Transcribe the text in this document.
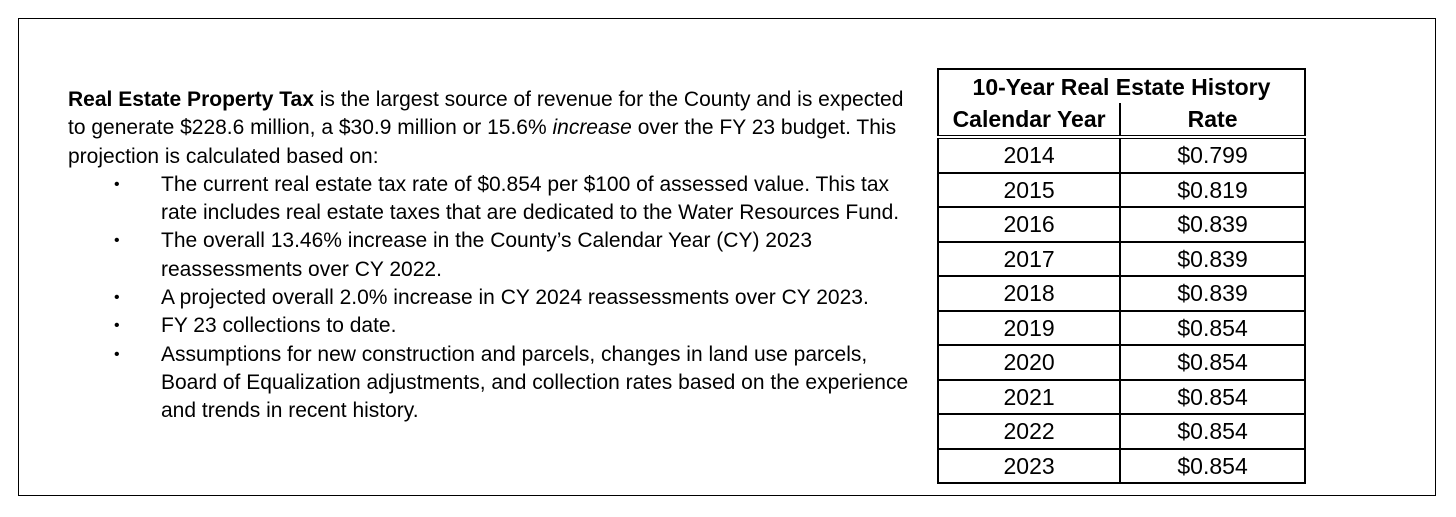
Real Estate Property Tax is the largest source of revenue for the County and is expected to generate $228.6 million, a $30.9 million or 15.6% increase over the FY 23 budget. This projection is calculated based on:

• The current real estate tax rate of $0.854 per $100 of assessed value. This tax rate includes real estate taxes that are dedicated to the Water Resources Fund.
• The overall 13.46% increase in the County’s Calendar Year (CY) 2023 reassessments over CY 2022.
• A projected overall 2.0% increase in CY 2024 reassessments over CY 2023.
• FY 23 collections to date.
• Assumptions for new construction and parcels, changes in land use parcels, Board of Equalization adjustments, and collection rates based on the experience and trends in recent history.
10-Year Real Estate History	
Calendar Year	Rate
2014	$0.799
2015	$0.819
2016	$0.839
2017	$0.839
2018	$0.839
2019	$0.854
2020	$0.854
2021	$0.854
2022	$0.854
2023	$0.854
